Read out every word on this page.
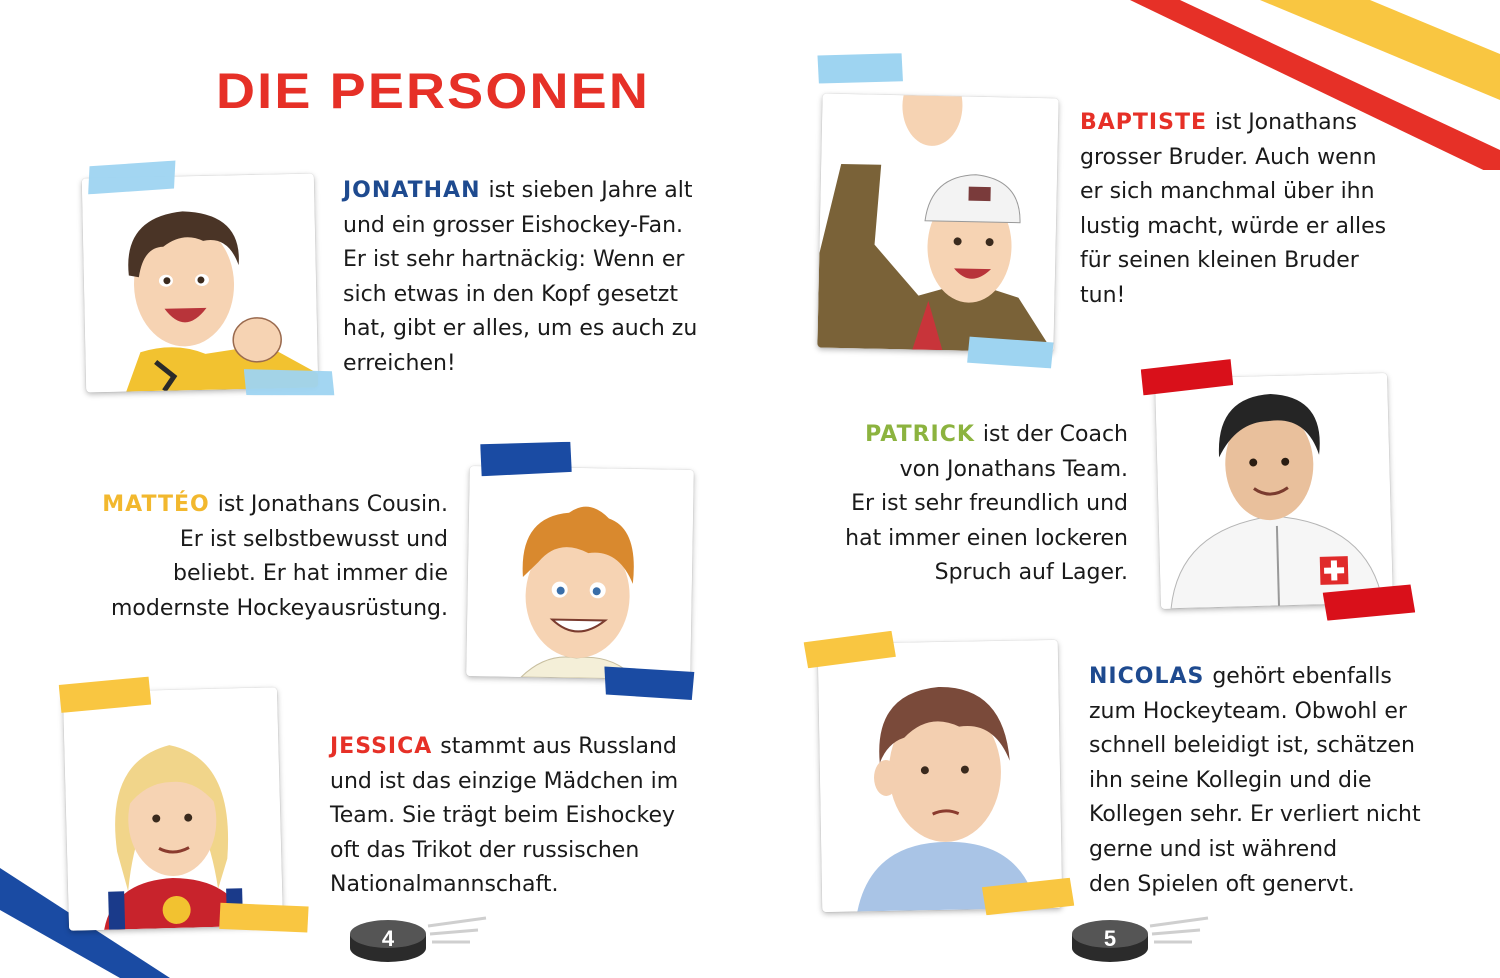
DIE PERSONEN

JONATHAN ist sieben Jahre alt
und ein grosser Eishockey-Fan.
Er ist sehr hartnäckig: Wenn er
sich etwas in den Kopf gesetzt
hat, gibt er alles, um es auch zu
erreichen!

MATTÉO ist Jonathans Cousin.
Er ist selbstbewusst und
beliebt. Er hat immer die
modernste Hockeyausrüstung.

JESSICA stammt aus Russland
und ist das einzige Mädchen im
Team. Sie trägt beim Eishockey
oft das Trikot der russischen
Nationalmannschaft.

4

BAPTISTE ist Jonathans
grosser Bruder. Auch wenn
er sich manchmal über ihn
lustig macht, würde er alles
für seinen kleinen Bruder
tun!

PATRICK ist der Coach
von Jonathans Team.
Er ist sehr freundlich und
hat immer einen lockeren
Spruch auf Lager.

NICOLAS gehört ebenfalls
zum Hockeyteam. Obwohl er
schnell beleidigt ist, schätzen
ihn seine Kollegin und die
Kollegen sehr. Er verliert nicht
gerne und ist während
den Spielen oft genervt.

5
